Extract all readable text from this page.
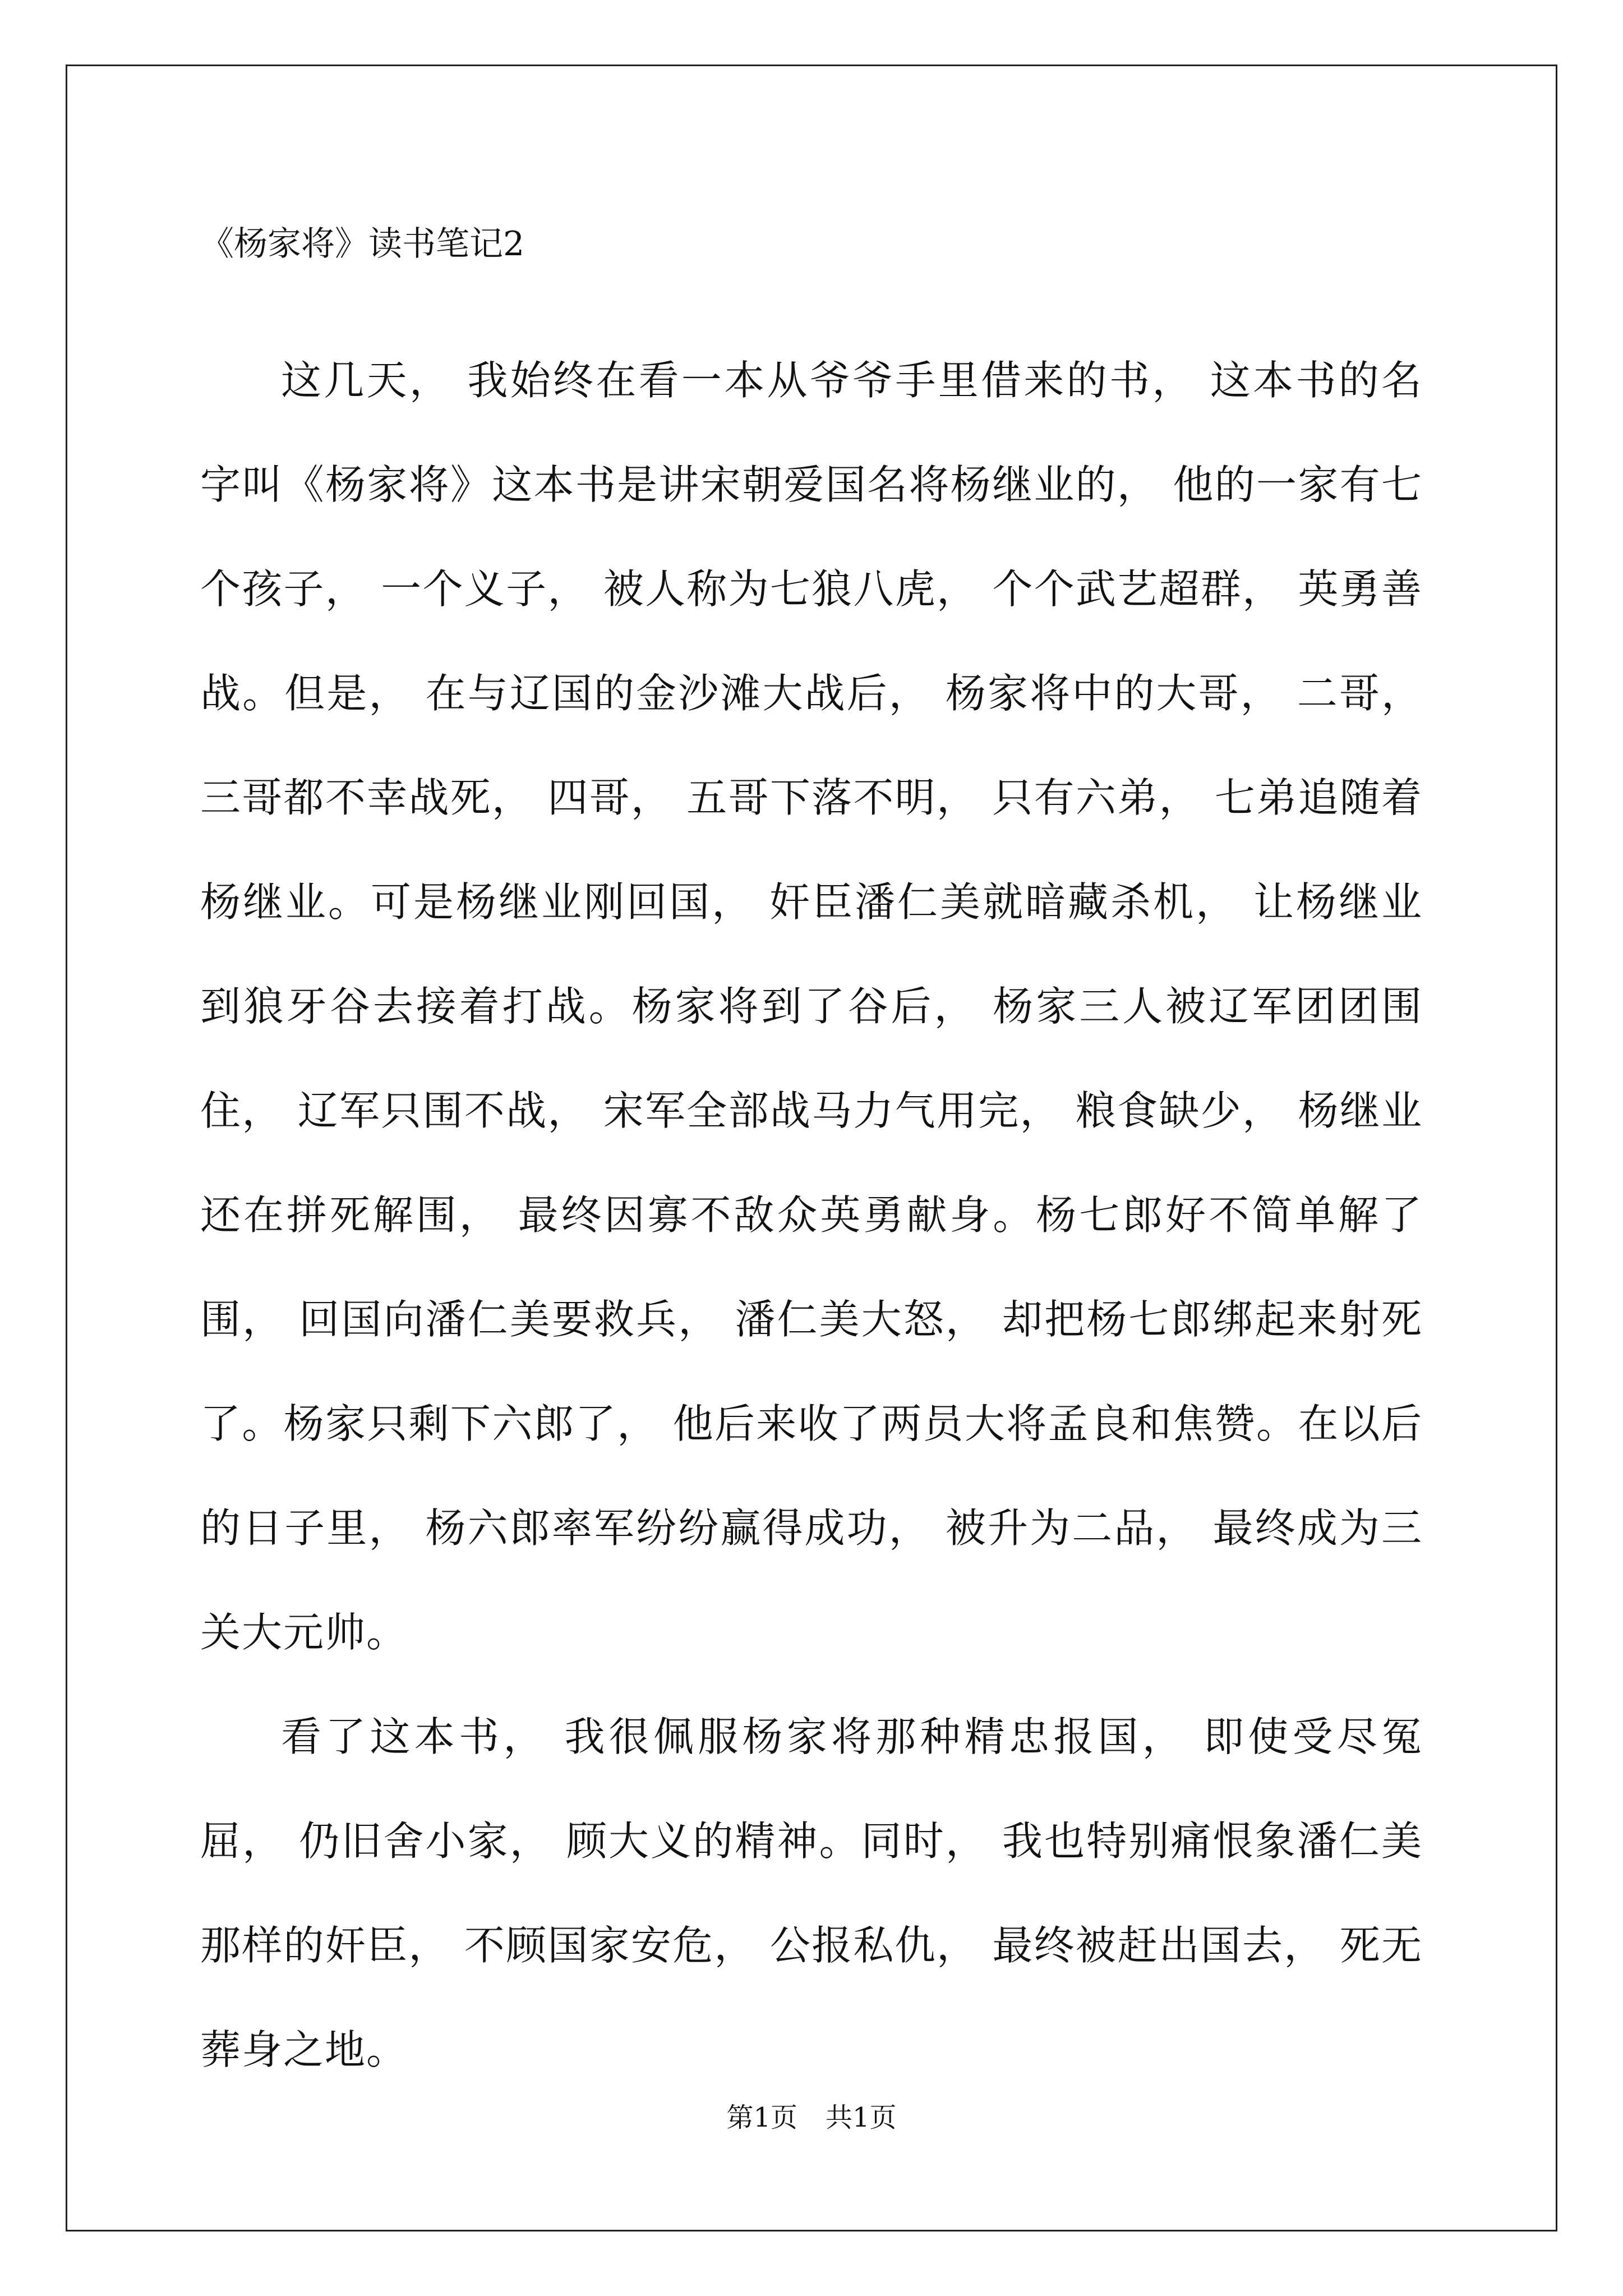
《杨家将》读书笔记2

这几天， 我始终在看一本从爷爷手里借来的书， 这本书的名字叫《杨家将》这本书是讲宋朝爱国名将杨继业的， 他的一家有七个孩子， 一个义子， 被人称为七狼八虎， 个个武艺超群， 英勇善战。但是， 在与辽国的金沙滩大战后， 杨家将中的大哥， 二哥， 三哥都不幸战死， 四哥， 五哥下落不明， 只有六弟， 七弟追随着杨继业。可是杨继业刚回国， 奸臣潘仁美就暗藏杀机， 让杨继业到狼牙谷去接着打战。杨家将到了谷后， 杨家三人被辽军团团围住， 辽军只围不战， 宋军全部战马力气用完， 粮食缺少， 杨继业还在拼死解围， 最终因寡不敌众英勇献身。杨七郎好不简单解了围， 回国向潘仁美要救兵， 潘仁美大怒， 却把杨七郎绑起来射死了。杨家只剩下六郎了， 他后来收了两员大将孟良和焦赞。在以后的日子里， 杨六郎率军纷纷赢得成功， 被升为二品， 最终成为三关大元帅。

看了这本书， 我很佩服杨家将那种精忠报国， 即使受尽冤屈， 仍旧舍小家， 顾大义的精神。同时， 我也特别痛恨象潘仁美那样的奸臣， 不顾国家安危， 公报私仇， 最终被赶出国去， 死无葬身之地。

第1页 共1页
